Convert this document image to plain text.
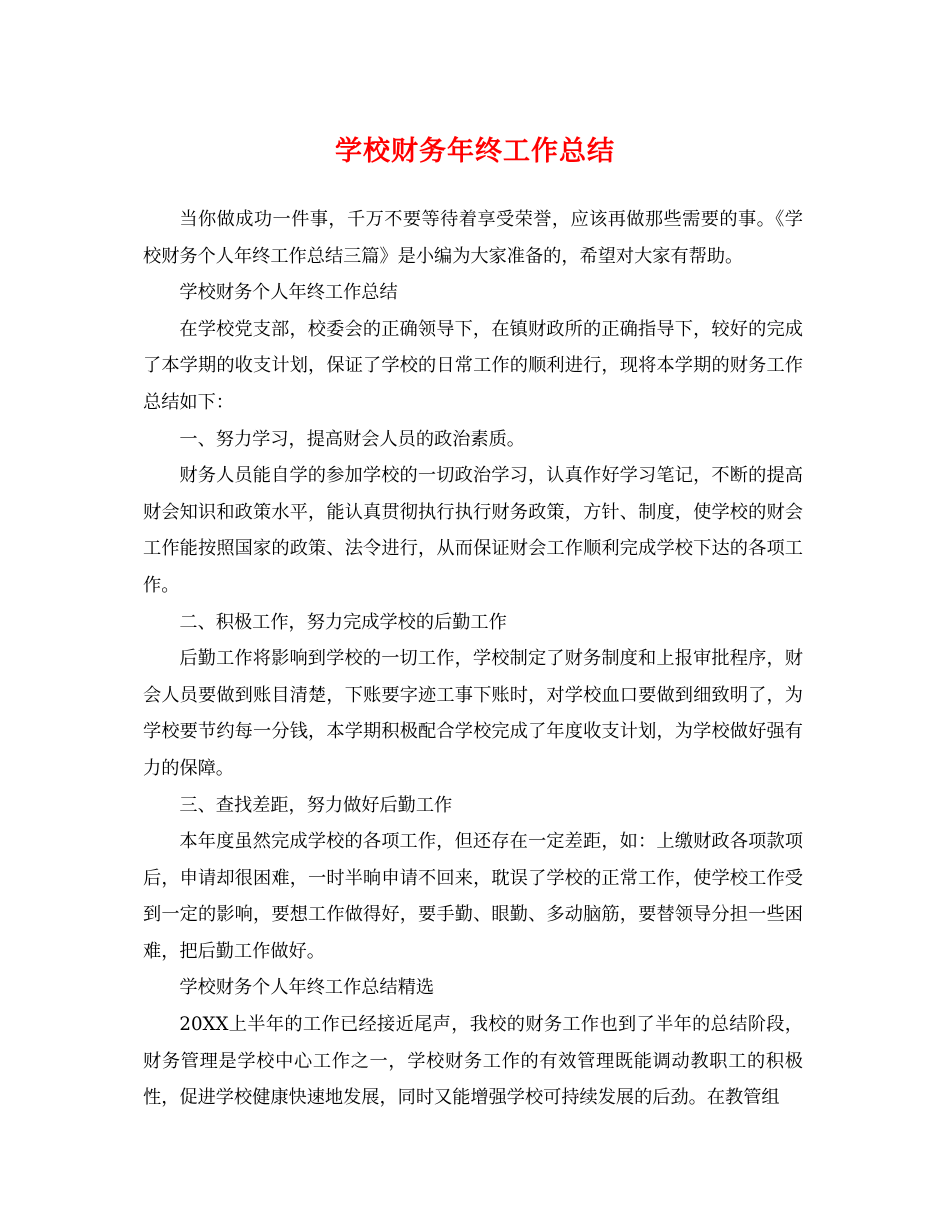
学校财务年终工作总结

当你做成功一件事，千万不要等待着享受荣誉，应该再做那些需要的事。《学校财务个人年终工作总结三篇》是小编为大家准备的，希望对大家有帮助。

学校财务个人年终工作总结

在学校党支部，校委会的正确领导下，在镇财政所的正确指导下，较好的完成了本学期的收支计划，保证了学校的日常工作的顺利进行，现将本学期的财务工作总结如下：

一、努力学习，提高财会人员的政治素质。

财务人员能自学的参加学校的一切政治学习，认真作好学习笔记，不断的提高财会知识和政策水平，能认真贯彻执行执行财务政策，方针、制度，使学校的财会工作能按照国家的政策、法令进行，从而保证财会工作顺利完成学校下达的各项工作。

二、积极工作，努力完成学校的后勤工作

后勤工作将影响到学校的一切工作，学校制定了财务制度和上报审批程序，财会人员要做到账目清楚，下账要字迹工事下账时，对学校血口要做到细致明了，为学校要节约每一分钱，本学期积极配合学校完成了年度收支计划，为学校做好强有力的保障。

三、查找差距，努力做好后勤工作

本年度虽然完成学校的各项工作，但还存在一定差距，如：上缴财政各项款项后，申请却很困难，一时半晌申请不回来，耽误了学校的正常工作，使学校工作受到一定的影响，要想工作做得好，要手勤、眼勤、多动脑筋，要替领导分担一些困难，把后勤工作做好。

学校财务个人年终工作总结精选

20XX上半年的工作已经接近尾声，我校的财务工作也到了半年的总结阶段，财务管理是学校中心工作之一，学校财务工作的有效管理既能调动教职工的积极性，促进学校健康快速地发展，同时又能增强学校可持续发展的后劲。在教管组
